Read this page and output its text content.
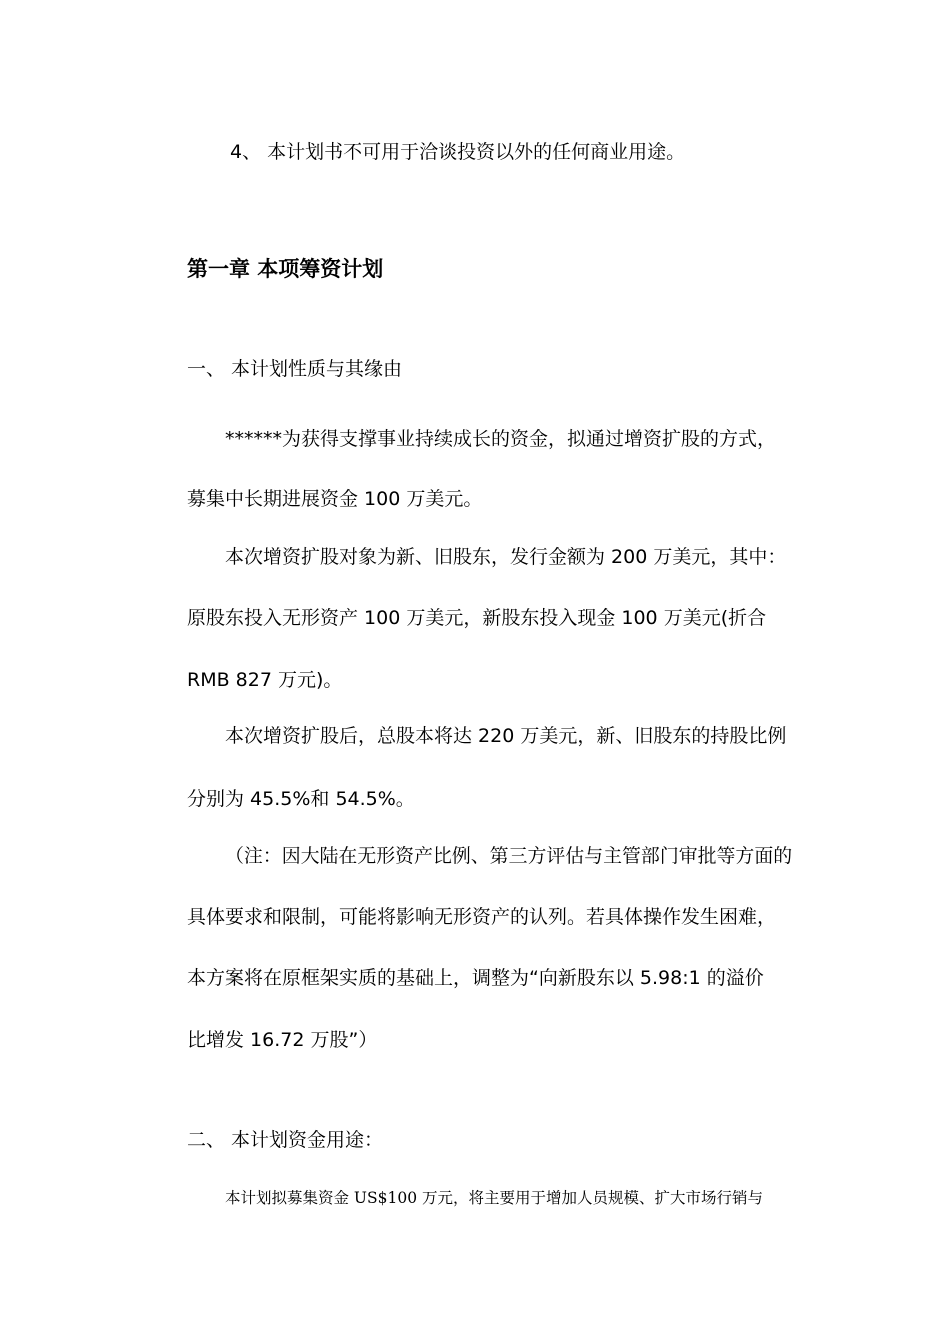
4、 本计划书不可用于洽谈投资以外的任何商业用途。
第一章 本项筹资计划
一、 本计划性质与其缘由
******为获得支撑事业持续成长的资金，拟通过增资扩股的方式，
募集中长期进展资金 100 万美元。
本次增资扩股对象为新、旧股东，发行金额为 200 万美元，其中：
原股东投入无形资产 100 万美元，新股东投入现金 100 万美元(折合
RMB 827 万元)。
本次增资扩股后，总股本将达 220 万美元，新、旧股东的持股比例
分别为 45.5%和 54.5%。
（注：因大陆在无形资产比例、第三方评估与主管部门审批等方面的
具体要求和限制，可能将影响无形资产的认列。若具体操作发生困难，
本方案将在原框架实质的基础上，调整为“向新股东以 5.98:1 的溢价
比增发 16.72 万股”）
二、 本计划资金用途：
本计划拟募集资金 US$100 万元，将主要用于增加人员规模、扩大市场行销与
